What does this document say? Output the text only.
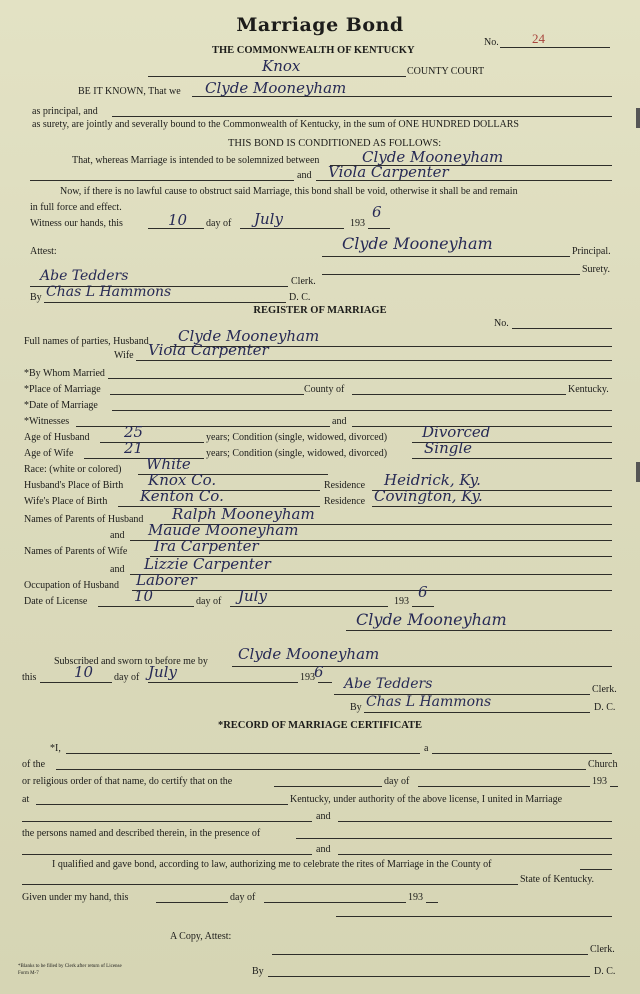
Marriage Bond
THE COMMONWEALTH OF KENTUCKY
No.	24
Knox	COUNTY COURT
BE IT KNOWN, That we Clyde Mooneyham
as principal, and
as surety, are jointly and severally bound to the Commonwealth of Kentucky, in the sum of ONE HUNDRED DOLLARS
THIS BOND IS CONDITIONED AS FOLLOWS:
That, whereas Marriage is intended to be solemnized between	Clyde Mooneyham
and Viola Carpenter
Now, if there is no lawful cause to obstruct said Marriage, this bond shall be void, otherwise it shall be and remain
in full force and effect.
Witness our hands, this	10 day of July	193
6
Attest:	Clyde Mooneyham	Principal.
Surety.
Abe Tedders	Clerk.
By Chas L Hammons	D. C.
REGISTER OF MARRIAGE
No.
Full names of parties, Husband Clyde Mooneyham
Wife Viola Carpenter
*By Whom Married
*Place of Marriage	County of	Kentucky.
*Date of Marriage
*Witnesses	and
Age of Husband 25	years; Condition (single, widowed, divorced) Divorced
Age of Wife	21	years; Condition (single, widowed, divorced) Single
Race: (white or colored) White
Husband's Place of Birth Knox Co.	Residence Heidrick, Ky.
Wife's Place of Birth Kenton Co.	Residence Covington, Ky.
Names of Parents of Husband Ralph Mooneyham
and Maude Mooneyham
Names of Parents of Wife Ira Carpenter
and Lizzie Carpenter
Occupation of Husband Laborer
Date of License	10	day of July	193
6
Clyde Mooneyham
Subscribed and sworn to before me by Clyde Mooneyham
this	10 day of July	193 6
Abe Tedders	Clerk.
By Chas L Hammons	D. C.
*RECORD OF MARRIAGE CERTIFICATE
*I,	a
of the	Church
or religious order of that name, do certify that on the	day of	193
at	Kentucky, under authority of the above license, I united in Marriage
and
the persons named and described therein, in the presence of
and
I qualified and gave bond, according to law, authorizing me to celebrate the rites of Marriage in the County of
State of Kentucky.
Given under my hand, this	day of	193
A Copy, Attest:
Clerk.
By	D. C.
*Blanks to be filled by Clerk after return of License
Form M-7
